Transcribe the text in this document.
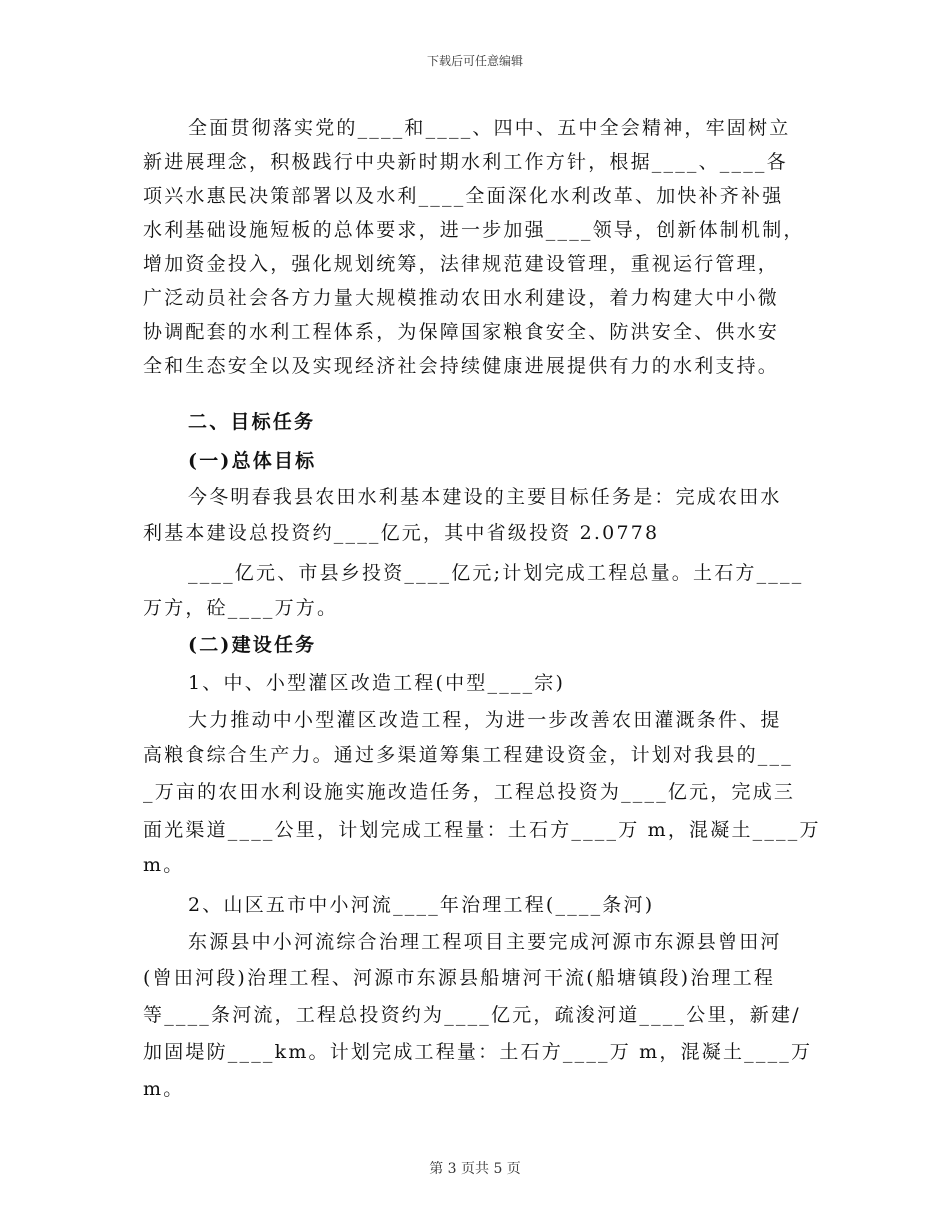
下载后可任意编辑
全面贯彻落实党的____和____、四中、五中全会精神，牢固树立
新进展理念，积极践行中央新时期水利工作方针，根据____、____各
项兴水惠民决策部署以及水利____全面深化水利改革、加快补齐补强
水利基础设施短板的总体要求，进一步加强____领导，创新体制机制，
增加资金投入，强化规划统筹，法律规范建设管理，重视运行管理，
广泛动员社会各方力量大规模推动农田水利建设，着力构建大中小微
协调配套的水利工程体系，为保障国家粮食安全、防洪安全、供水安
全和生态安全以及实现经济社会持续健康进展提供有力的水利支持。
二、目标任务
(一)总体目标
今冬明春我县农田水利基本建设的主要目标任务是：完成农田水
利基本建设总投资约____亿元，其中省级投资 2.0778
____亿元、市县乡投资____亿元;计划完成工程总量。土石方____
万方，砼____万方。
(二)建设任务
1、中、小型灌区改造工程(中型____宗)
大力推动中小型灌区改造工程，为进一步改善农田灌溉条件、提
高粮食综合生产力。通过多渠道筹集工程建设资金，计划对我县的___
_万亩的农田水利设施实施改造任务，工程总投资为____亿元，完成三
面光渠道____公里，计划完成工程量：土石方____万 m，混凝土____万
m。
2、山区五市中小河流____年治理工程(____条河)
东源县中小河流综合治理工程项目主要完成河源市东源县曾田河
(曾田河段)治理工程、河源市东源县船塘河干流(船塘镇段)治理工程
等____条河流，工程总投资约为____亿元，疏浚河道____公里，新建/
加固堤防____km。计划完成工程量：土石方____万 m，混凝土____万
m。
第 3 页共 5 页
